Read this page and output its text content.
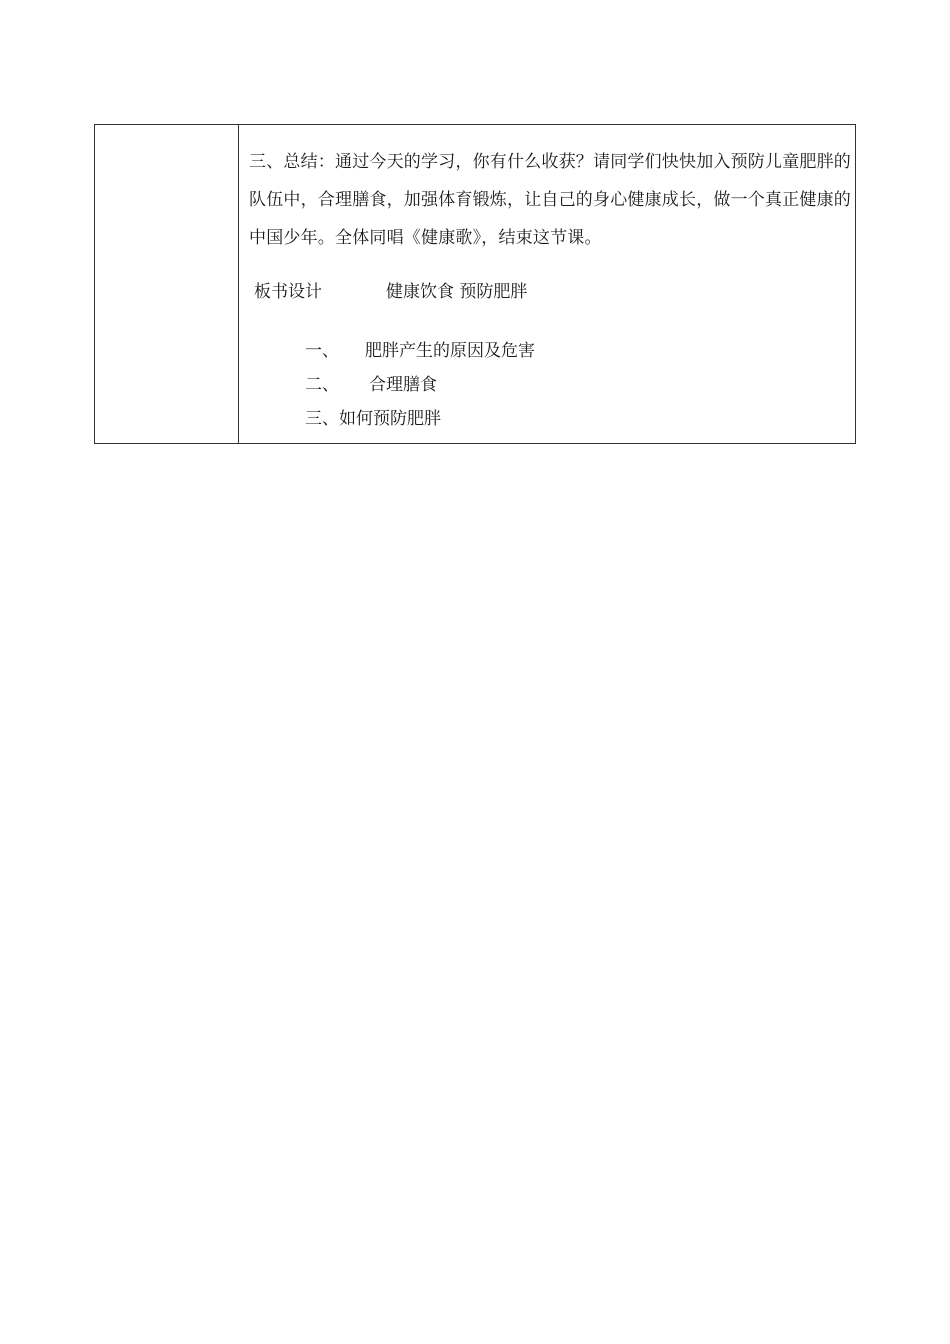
三、总结：通过今天的学习，你有什么收获？请同学们快快加入预防儿童肥胖的队伍中，合理膳食，加强体育锻炼，让自己的身心健康成长，做一个真正健康的中国少年。全体同唱《健康歌》，结束这节课。

板书设计	健康饮食 预防肥胖
一、 肥胖产生的原因及危害
二、 合理膳食
三、如何预防肥胖
